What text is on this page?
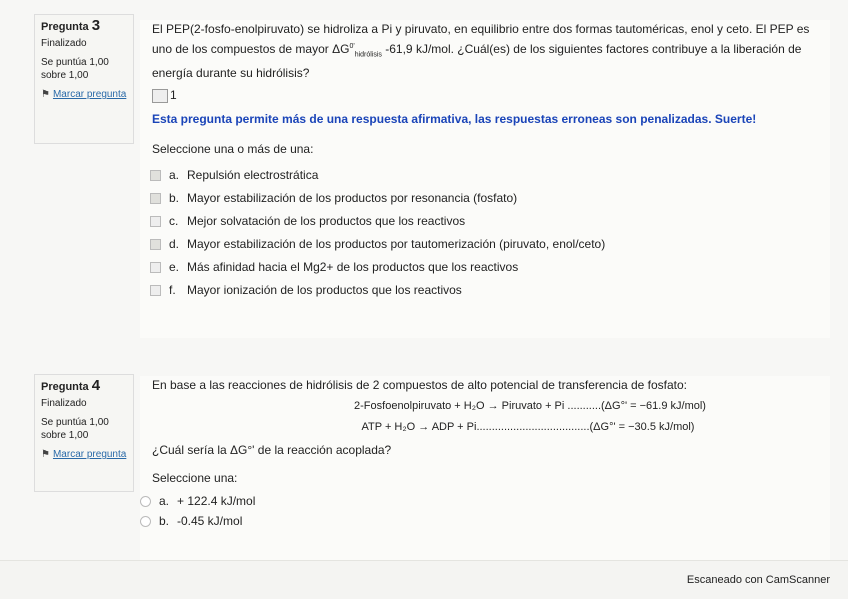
Pregunta 3
Finalizado
Se puntúa 1,00 sobre 1,00
⚑ Marcar pregunta
El PEP(2-fosfo-enolpiruvato) se hidroliza a Pi y piruvato, en equilibrio entre dos formas tautoméricas, enol y ceto. El PEP es uno de los compuestos de mayor $\Delta G^{0'}_{hidrólisis}$ -61,9 kJ/mol. ¿Cuál(es) de los siguientes factores contribuye a la liberación de energía durante su hidrólisis?
1
Esta pregunta permite más de una respuesta afirmativa, las respuestas erroneas son penalizadas. Suerte!
Seleccione una o más de una:
a. Repulsión electrostrática
b. Mayor estabilización de los productos por resonancia (fosfato)
c. Mejor solvatación de los productos que los reactivos
d. Mayor estabilización de los productos por tautomerización (piruvato, enol/ceto)
e. Más afinidad hacia el Mg2+ de los productos que los reactivos
f. Mayor ionización de los productos que los reactivos
Pregunta 4
Finalizado
Se puntúa 1,00 sobre 1,00
⚑ Marcar pregunta
En base a las reacciones de hidrólisis de 2 compuestos de alto potencial de transferencia de fosfato:
2-Fosfoenolpiruvato + H₂O → Piruvato + Pi ...........(ΔG°' = −61.9 kJ/mol)
ATP + H₂O → ADP + Pi.....................................(ΔG°' = −30.5 kJ/mol)
¿Cuál sería la ΔG°' de la reacción acoplada?
Seleccione una:
a. + 122.4 kJ/mol
b. -0.45 kJ/mol
Escaneado con CamScanner
